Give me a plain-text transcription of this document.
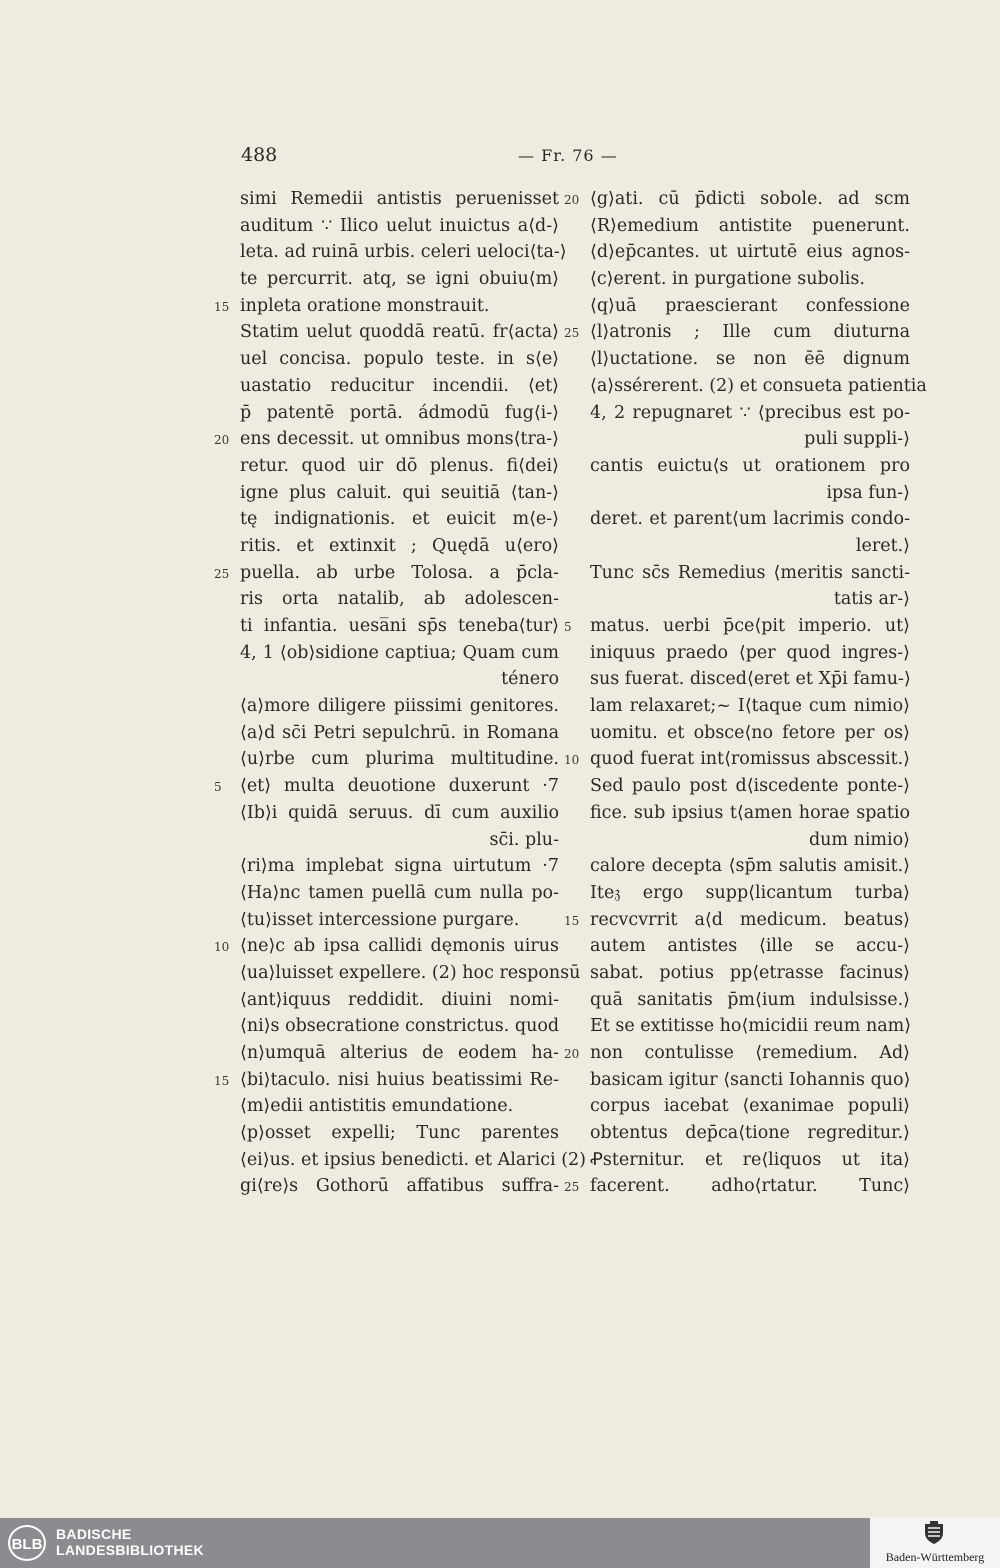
488	— Fr. 76 —
simi Remedii antistis peruenisset
auditum ∵ Ilico uelut inuictus a⟨d-⟩
leta. ad ruinā urbis. celeri ueloci⟨ta-⟩
te percurrit. atq, se igni obuiu⟨m⟩
15 inpleta oratione monstrauit.
Statim uelut quoddā reatū. fr⟨acta⟩
uel concisa. populo teste. in s⟨e⟩
uastatio reducitur incendii. ⟨et⟩
p̄ patentē portā. ádmodū fug⟨i-⟩
20 ens decessit. ut omnibus mons⟨tra-⟩
retur. quod uir dō plenus. fi⟨dei⟩
igne plus caluit. qui seuitiā ⟨tan-⟩
tę indignationis. et euicit m⟨e-⟩
ritis. et extinxit ; Quędā u⟨ero⟩
25 puella. ab urbe Tolosa. a p̄cla-
ris orta natalib, ab adolescen-
ti infantia. uesa̅ni sp̄s teneba⟨tur⟩
4, 1 ⟨ob⟩sidione captiua; Quam cum
ténero
⟨a⟩more diligere piissimi genitores.
⟨a⟩d sc̄i Petri sepulchrū. in Romana
⟨u⟩rbe cum plurima multitudine.
5	⟨et⟩ multa deuotione duxerunt ·7
⟨Ib⟩i quidā seruus. dī cum auxilio
sc̄i. plu-
⟨ri⟩ma implebat signa uirtutum ·7
⟨Ha⟩nc tamen puellā cum nulla po-
⟨tu⟩isset intercessione purgare.
10 ⟨ne⟩c ab ipsa callidi dęmonis uirus
⟨ua⟩luisset expellere. (2) hoc responsū
⟨ant⟩iquus reddidit. diuini nomi-
⟨ni⟩s obsecratione constrictus. quod
⟨n⟩umquā alterius de eodem ha-
15 ⟨bi⟩taculo. nisi huius beatissimi Re-
⟨m⟩edii antistitis emundatione.
⟨p⟩osset expelli; Tunc parentes
⟨ei⟩us. et ipsius benedicti. et Alarici (2)
gi⟨re⟩s Gothorū affatibus suffra-
20 ⟨g⟩ati. cū p̄dicti sobole. ad scm
⟨R⟩emedium antistite puenerunt.
⟨d⟩ep̄cantes. ut uirtutē eius agnos-
⟨c⟩erent. in purgatione subolis.
⟨q⟩uā praescierant confessione
25 ⟨l⟩atronis ; Ille cum diuturna
⟨l⟩uctatione. se non ēē dignum
⟨a⟩ssérerent. (2) et consueta patientia
4, 2 repugnaret ∵ ⟨precibus est po-
puli suppli-⟩
cantis euictu⟨s ut orationem pro
ipsa fun-⟩
deret. et parent⟨um lacrimis condo-
leret.⟩
Tunc sc̄s Remedius ⟨meritis sancti-
tatis ar-⟩
5	matus. uerbi p̄ce⟨pit imperio. ut⟩
iniquus praedo ⟨per quod ingres-⟩
sus fuerat. disced⟨eret et Xp̄i famu-⟩
lam relaxaret;~ I⟨taque cum nimio⟩
uomitu. et obsce⟨no fetore per os⟩
10 quod fuerat int⟨romissus abscessit.⟩
Sed paulo post d⟨iscedente ponte-⟩
fice. sub ipsius t⟨amen horae spatio
dum nimio⟩
calore decepta ⟨sp̄m salutis amisit.⟩
Ite𝔷 ergo supp⟨licantum turba⟩
15 recvcvrrit a⟨d medicum. beatus⟩
autem antistes ⟨ille se accu-⟩
sabat. potius pp⟨etrasse facinus⟩
quā sanitatis p̄m⟨ium indulsisse.⟩
Et se extitisse ho⟨micidii reum nam⟩
20 non contulisse ⟨remedium. Ad⟩
basicam igitur ⟨sancti Iohannis quo⟩
corpus iacebat ⟨exanimae populi⟩
obtentus dep̄ca⟨tione regreditur.⟩
Ꝓsternitur. et re⟨liquos ut ita⟩
25 facerent. adho⟨rtatur. Tunc⟩
BLB
BADISCHE
LANDESBIBLIOTHEK	Baden-Württemberg
